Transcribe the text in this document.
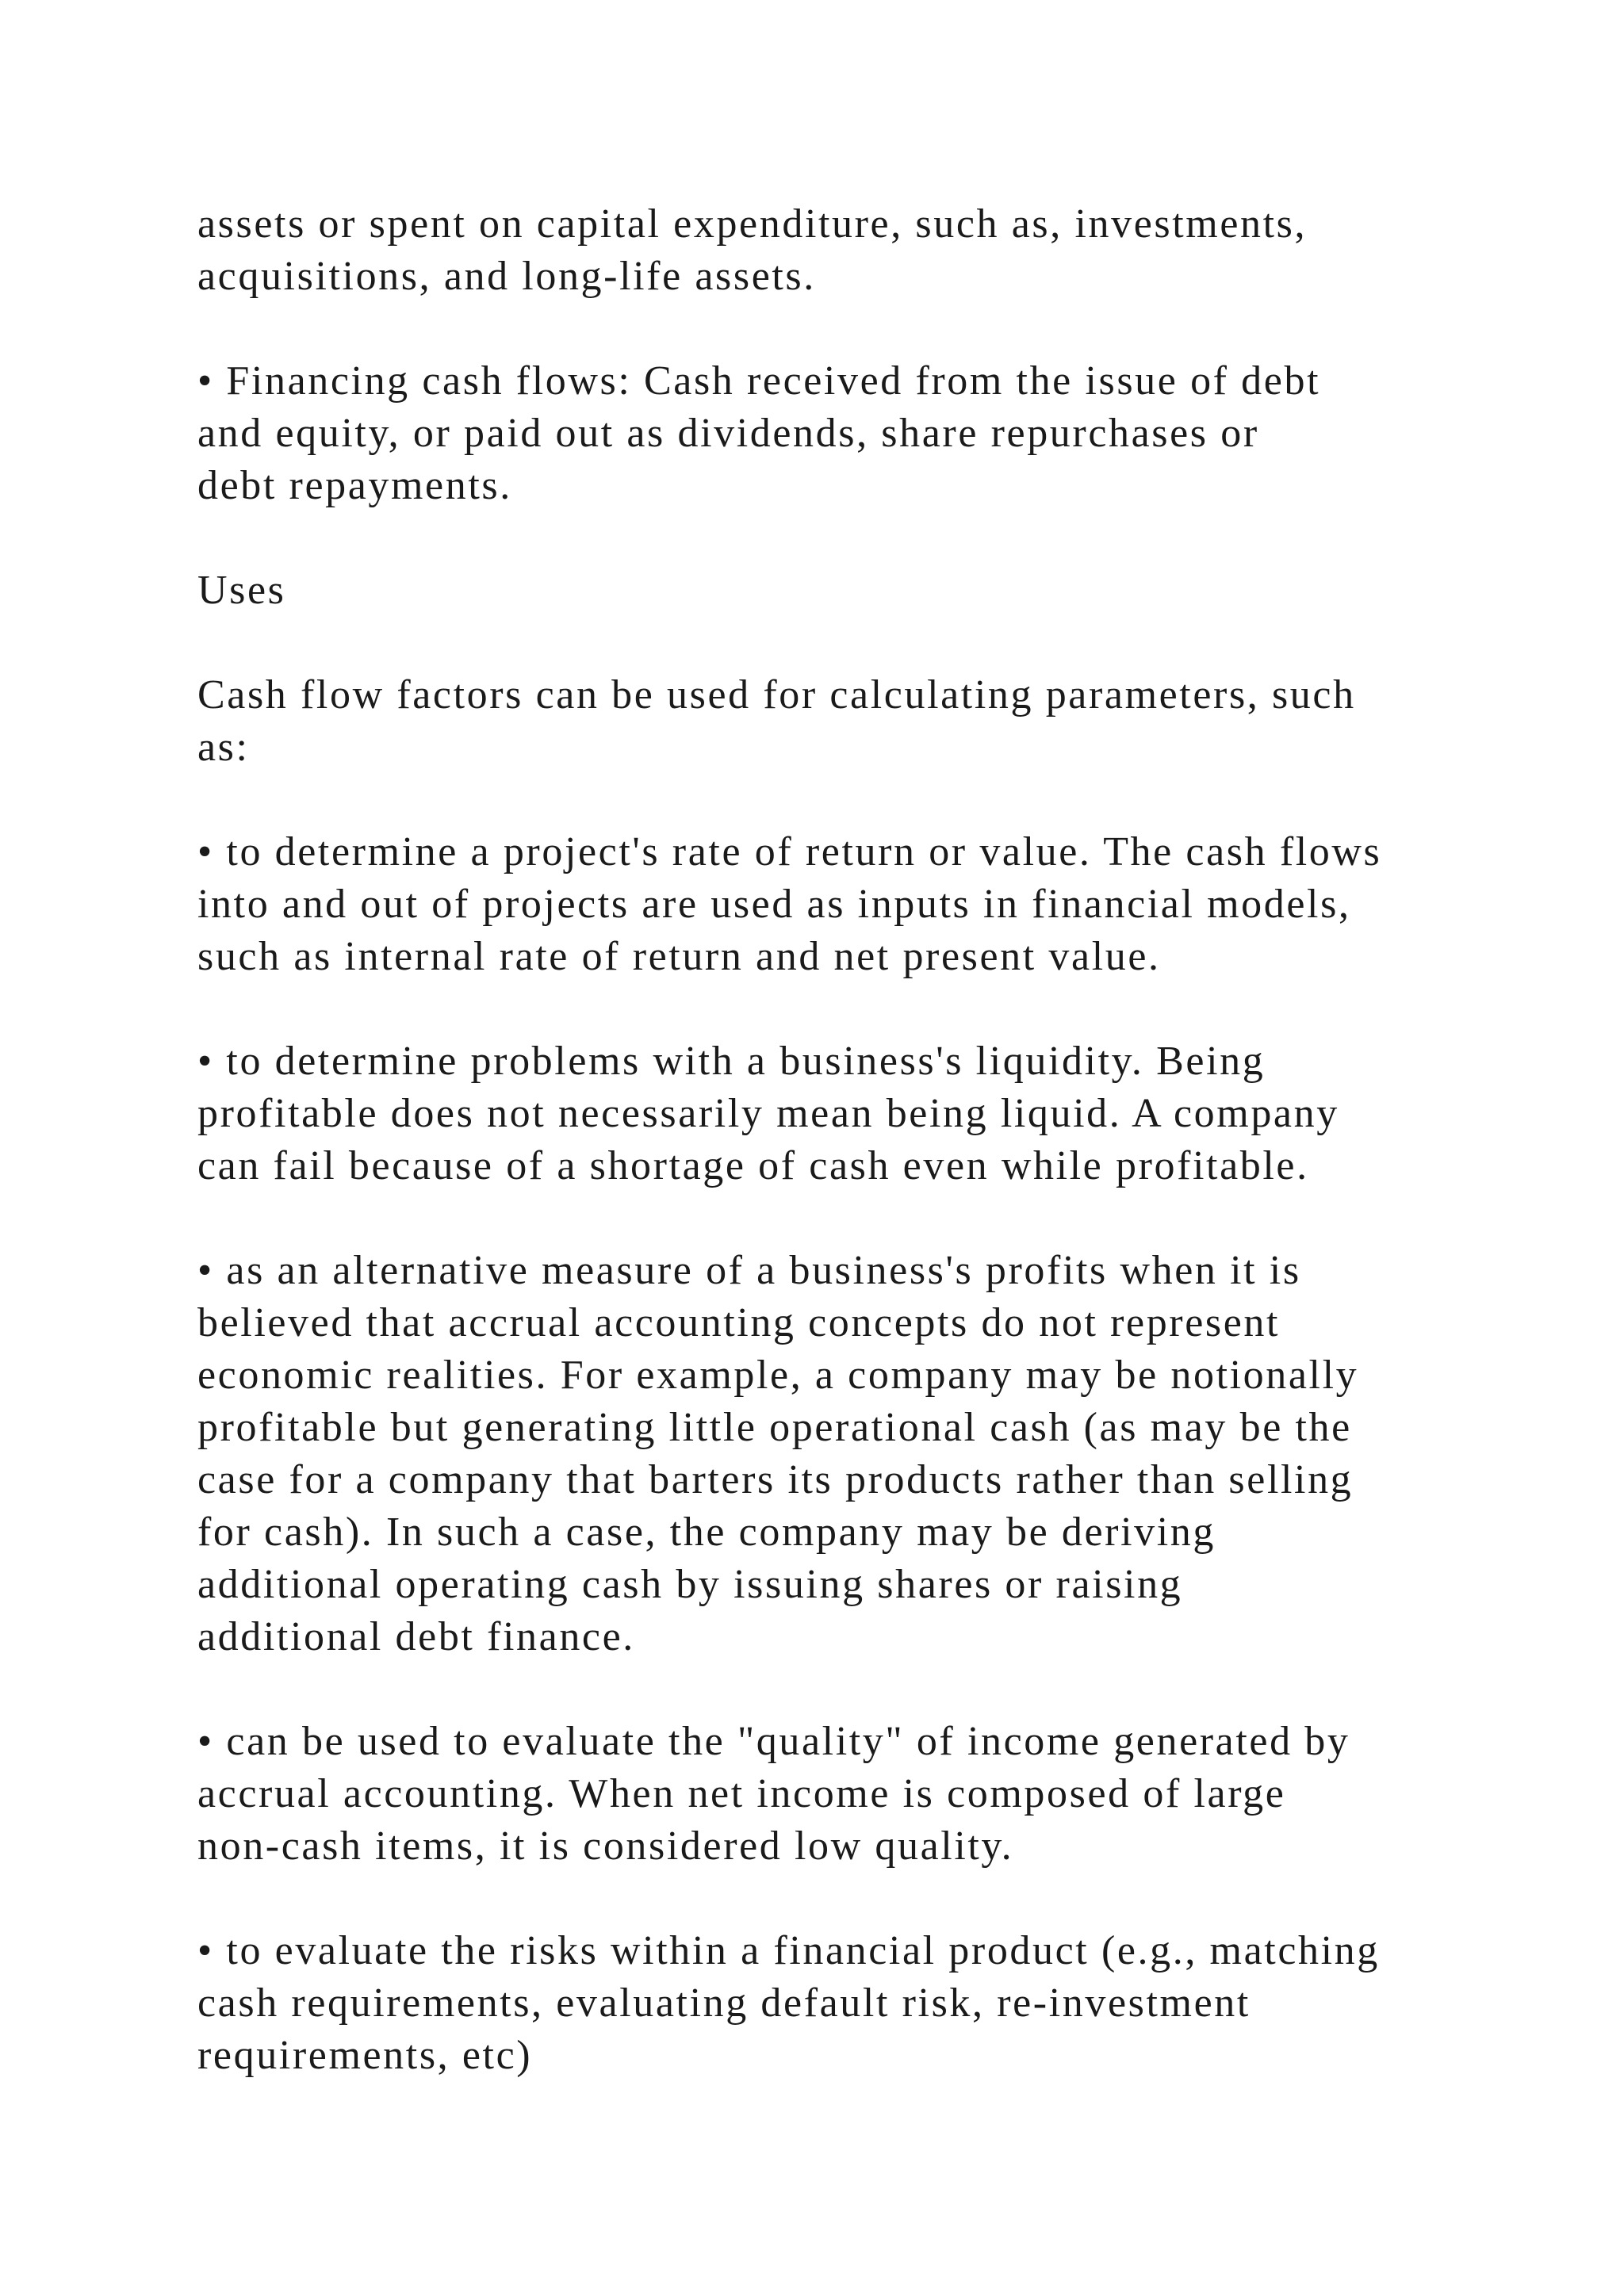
assets or spent on capital expenditure, such as, investments,
acquisitions, and long-life assets.

• Financing cash flows: Cash received from the issue of debt
and equity, or paid out as dividends, share repurchases or
debt repayments.

Uses

Cash flow factors can be used for calculating parameters, such
as:

• to determine a project's rate of return or value. The cash flows
into and out of projects are used as inputs in financial models,
such as internal rate of return and net present value.

• to determine problems with a business's liquidity. Being
profitable does not necessarily mean being liquid. A company
can fail because of a shortage of cash even while profitable.

• as an alternative measure of a business's profits when it is
believed that accrual accounting concepts do not represent
economic realities. For example, a company may be notionally
profitable but generating little operational cash (as may be the
case for a company that barters its products rather than selling
for cash). In such a case, the company may be deriving
additional operating cash by issuing shares or raising
additional debt finance.

• can be used to evaluate the "quality" of income generated by
accrual accounting. When net income is composed of large
non-cash items, it is considered low quality.

• to evaluate the risks within a financial product (e.g., matching
cash requirements, evaluating default risk, re-investment
requirements, etc)
